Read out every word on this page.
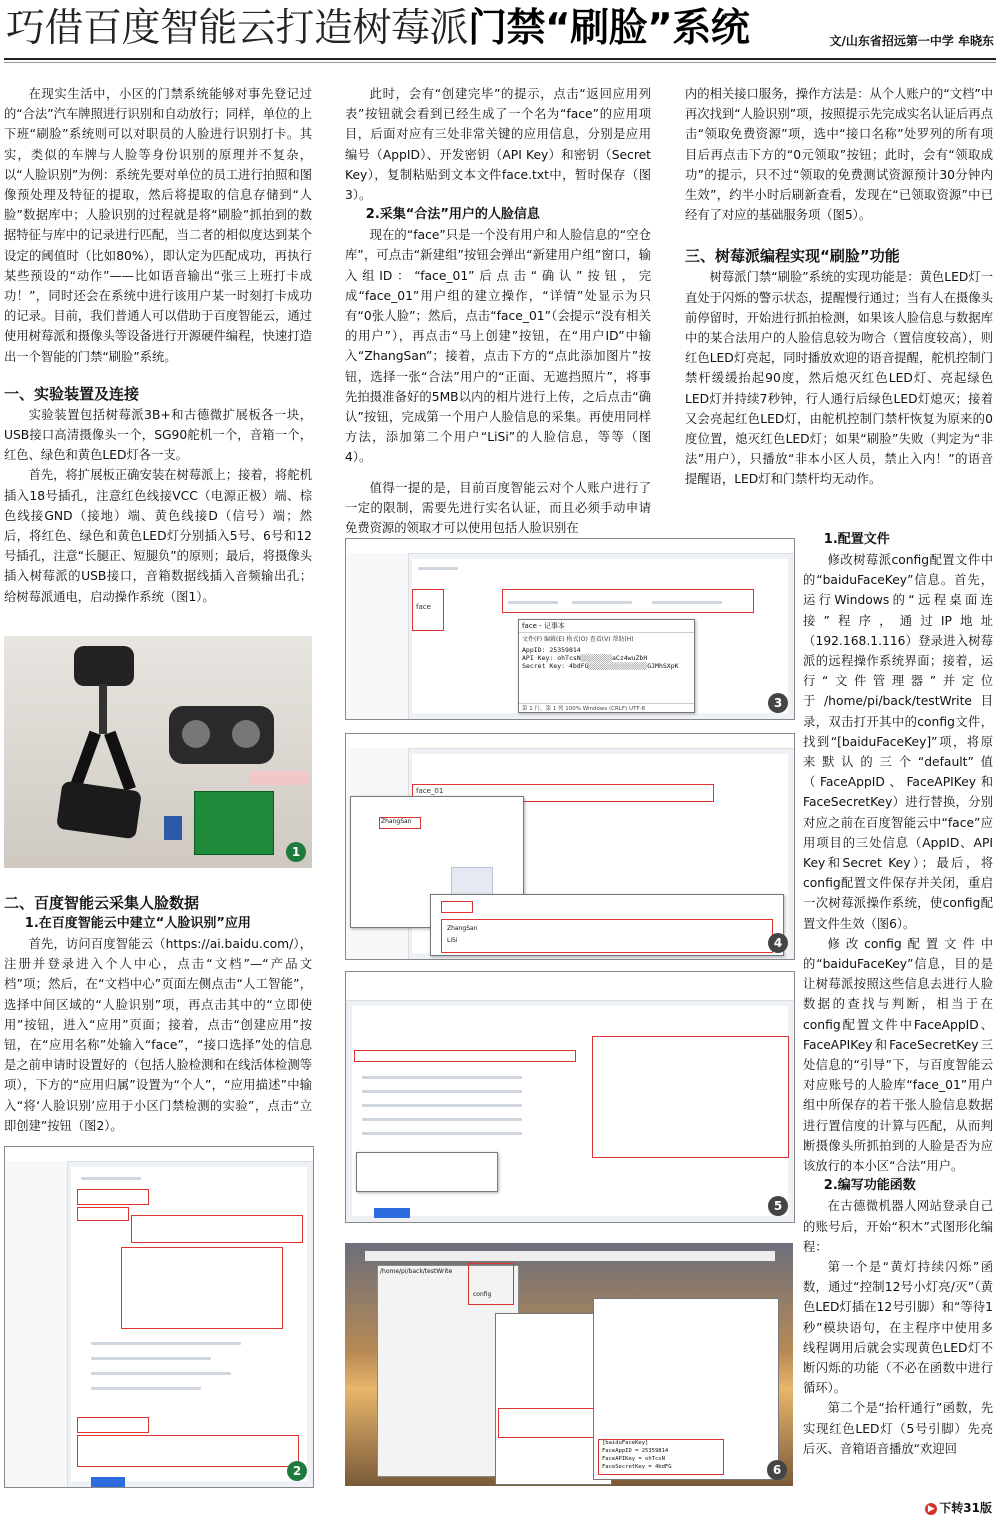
巧借百度智能云打造树莓派门禁“刷脸”系统	文/山东省招远第一中学 牟晓东

在现实生活中，小区的门禁系统能够对事先登记过的“合法”汽车牌照进行识别和自动放行；同样，单位的上下班“刷脸”系统则可以对职员的人脸进行识别打卡。其实，类似的车牌与人脸等身份识别的原理并不复杂，以“人脸识别”为例：系统先要对单位的员工进行拍照和图像预处理及特征的提取，然后将提取的信息存储到“人脸”数据库中；人脸识别的过程就是将“刷脸”抓拍到的数据特征与库中的记录进行匹配，当二者的相似度达到某个设定的阈值时（比如80%），即认定为匹配成功，再执行某些预设的“动作”——比如语音输出“张三上班打卡成功！”，同时还会在系统中进行该用户某一时刻打卡成功的记录。目前，我们普通人可以借助于百度智能云，通过使用树莓派和摄像头等设备进行开源硬件编程，快速打造出一个智能的门禁“刷脸”系统。

一、实验装置及连接

实验装置包括树莓派3B+和古德微扩展板各一块，USB接口高清摄像头一个，SG90舵机一个，音箱一个，红色、绿色和黄色LED灯各一支。

首先，将扩展板正确安装在树莓派上；接着，将舵机插入18号插孔，注意红色线接VCC（电源正极）端、棕色线接GND（接地）端、黄色线接D（信号）端；然后，将红色、绿色和黄色LED灯分别插入5号、6号和12号插孔，注意“长腿正、短腿负”的原则；最后，将摄像头插入树莓派的USB接口，音箱数据线插入音频输出孔；给树莓派通电，启动操作系统（图1）。

1

二、百度智能云采集人脸数据

1.在百度智能云中建立“人脸识别”应用

首先，访问百度智能云（https://ai.baidu.com/），注册并登录进入个人中心，点击“文档”—“产品文档”项；然后，在“文档中心”页面左侧点击“人工智能”，选择中间区域的“人脸识别”项，再点击其中的“立即使用”按钮，进入“应用”页面；接着，点击“创建应用”按钮，在“应用名称”处输入“face”，“接口选择”处的信息是之前申请时设置好的（包括人脸检测和在线活体检测等项），下方的“应用归属”设置为“个人”，“应用描述”中输入“将‘人脸识别’应用于小区门禁检测的实验”，点击“立即创建”按钮（图2）。

2

此时，会有“创建完毕”的提示，点击“返回应用列表”按钮就会看到已经生成了一个名为“face”的应用项目，后面对应有三处非常关键的应用信息，分别是应用编号（AppID）、开发密钥（API Key）和密钥（Secret Key），复制粘贴到文本文件face.txt中，暂时保存（图3）。

2.采集“合法”用户的人脸信息

现在的“face”只是一个没有用户和人脸信息的“空仓库”，可点击“新建组”按钮会弹出“新建用户组”窗口，输入组ID：“face_01”后点击“确认”按钮，完成“face_01”用户组的建立操作，“详情”处显示为只有“0张人脸”；然后，点击“face_01”（会提示“没有相关的用户”），再点击“马上创建”按钮，在“用户ID”中输入“ZhangSan”；接着，点击下方的“点此添加图片”按钮，选择一张“合法”用户的“正面、无遮挡照片”，将事先拍摄准备好的5MB以内的相片进行上传，之后点击“确认”按钮，完成第一个用户人脸信息的采集。再使用同样方法，添加第二个用户“LiSi”的人脸信息，等等（图4）。

值得一提的是，目前百度智能云对个人账户进行了一定的限制，需要先进行实名认证，而且必须手动申请免费资源的领取才可以使用包括人脸识别在

face
face - 记事本
文件(F) 编辑(E) 格式(O) 查看(V) 帮助(H)
AppID: 25359814
API Key: ohTcsN░░░░░░░░aCz4wuZbH
Secret Key: 4bdFG░░░░░░░░░░░░░░░GJMhSXpK
第 1 行，第 1 列 100% Windows (CRLF) UTF-8	3
face_01
ZhangSan
ZhangSan
LiSi	4
5
/home/pi/back/testWrite
config
[baiduFaceKey]
FaceAppID = 25359814
FaceAPIKey = ohTcsN
FaceSecretKey = 4bdFG	6

内的相关接口服务，操作方法是：从个人账户的“文档”中再次找到“人脸识别”项，按照提示先完成实名认证后再点击“领取免费资源”项，选中“接口名称”处罗列的所有项目后再点击下方的“0元领取”按钮；此时，会有“领取成功”的提示，只不过“领取的免费测试资源预计30分钟内生效”，约半小时后刷新查看，发现在“已领取资源”中已经有了对应的基础服务项（图5）。

三、树莓派编程实现“刷脸”功能

树莓派门禁“刷脸”系统的实现功能是：黄色LED灯一直处于闪烁的警示状态，提醒慢行通过；当有人在摄像头前停留时，开始进行抓拍检测，如果该人脸信息与数据库中的某合法用户的人脸信息较为吻合（置信度较高），则红色LED灯亮起，同时播放欢迎的语音提醒，舵机控制门禁杆缓缓抬起90度，然后熄灭红色LED灯、亮起绿色LED灯并持续7秒钟，行人通行后绿色LED灯熄灭；接着又会亮起红色LED灯，由舵机控制门禁杆恢复为原来的0度位置，熄灭红色LED灯；如果“刷脸”失败（判定为“非法”用户），只播放“非本小区人员，禁止入内！”的语音提醒语，LED灯和门禁杆均无动作。

1.配置文件

修改树莓派config配置文件中的“baiduFaceKey”信息。首先，运行Windows的“远程桌面连接”程序，通过IP地址（192.168.1.116）登录进入树莓派的远程操作系统界面；接着，运行“文件管理器”并定位于/home/pi/back/testWrite目录，双击打开其中的config文件，找到“[baiduFaceKey]”项，将原来默认的三个“default”值（FaceAppID、FaceAPIKey和FaceSecretKey）进行替换，分别对应之前在百度智能云中“face”应用项目的三处信息（AppID、API Key和Secret Key）；最后，将config配置文件保存并关闭，重启一次树莓派操作系统，使config配置文件生效（图6）。

修改config配置文件中的“baiduFaceKey”信息，目的是让树莓派按照这些信息去进行人脸数据的查找与判断，相当于在config配置文件中FaceAppID、FaceAPIKey和FaceSecretKey三处信息的“引导”下，与百度智能云对应账号的人脸库“face_01”用户组中所保存的若干张人脸信息数据进行置信度的计算与匹配，从而判断摄像头所抓拍到的人脸是否为应该放行的本小区“合法”用户。

2.编写功能函数

在古德微机器人网站登录自己的账号后，开始“积木”式图形化编程：

第一个是“黄灯持续闪烁”函数，通过“控制12号小灯亮/灭”（黄色LED灯插在12号引脚）和“等待1秒”模块语句，在主程序中使用多线程调用后就会实现黄色LED灯不断闪烁的功能（不必在函数中进行循环）。

第二个是“抬杆通行”函数，先实现红色LED灯（5号引脚）先亮后灭、音箱语音播放“欢迎回

▶ 下转31版
